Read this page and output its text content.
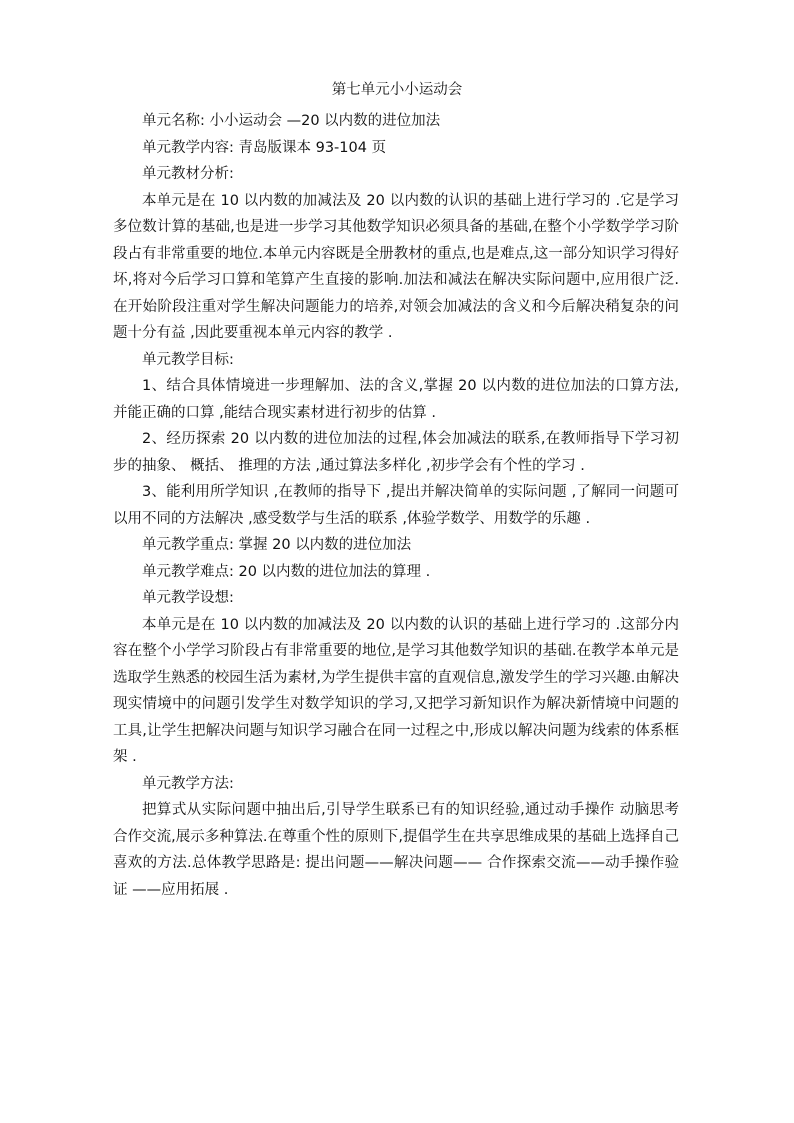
第七单元小小运动会

单元名称: 小小运动会 —20 以内数的进位加法

单元教学内容: 青岛版课本 93-104 页

单元教材分析:

本单元是在 10 以内数的加减法及 20 以内数的认识的基础上进行学习的 .它是学习多位数计算的基础,也是进一步学习其他数学知识必须具备的基础,在整个小学数学学习阶段占有非常重要的地位.本单元内容既是全册教材的重点,也是难点,这一部分知识学习得好坏,将对今后学习口算和笔算产生直接的影响.加法和减法在解决实际问题中,应用很广泛.在开始阶段注重对学生解决问题能力的培养,对领会加减法的含义和今后解决稍复杂的问题十分有益 ,因此要重视本单元内容的教学 .

单元教学目标:

1、结合具体情境进一步理解加、法的含义,掌握 20 以内数的进位加法的口算方法,并能正确的口算 ,能结合现实素材进行初步的估算 .

2、经历探索 20 以内数的进位加法的过程,体会加减法的联系,在教师指导下学习初步的抽象、 概括、 推理的方法 ,通过算法多样化 ,初步学会有个性的学习 .

3、能利用所学知识 ,在教师的指导下 ,提出并解决简单的实际问题 ,了解同一问题可以用不同的方法解决 ,感受数学与生活的联系 ,体验学数学、用数学的乐趣 .

单元教学重点: 掌握 20 以内数的进位加法

单元教学难点: 20 以内数的进位加法的算理 .

单元教学设想:

本单元是在 10 以内数的加减法及 20 以内数的认识的基础上进行学习的 .这部分内容在整个小学学习阶段占有非常重要的地位,是学习其他数学知识的基础.在教学本单元是选取学生熟悉的校园生活为素材,为学生提供丰富的直观信息,激发学生的学习兴趣.由解决现实情境中的问题引发学生对数学知识的学习,又把学习新知识作为解决新情境中问题的工具,让学生把解决问题与知识学习融合在同一过程之中,形成以解决问题为线索的体系框架 .

单元教学方法:

把算式从实际问题中抽出后,引导学生联系已有的知识经验,通过动手操作 动脑思考 合作交流,展示多种算法.在尊重个性的原则下,提倡学生在共享思维成果的基础上选择自己喜欢的方法.总体教学思路是: 提出问题——解决问题—— 合作探索交流——动手操作验证 ——应用拓展 .
